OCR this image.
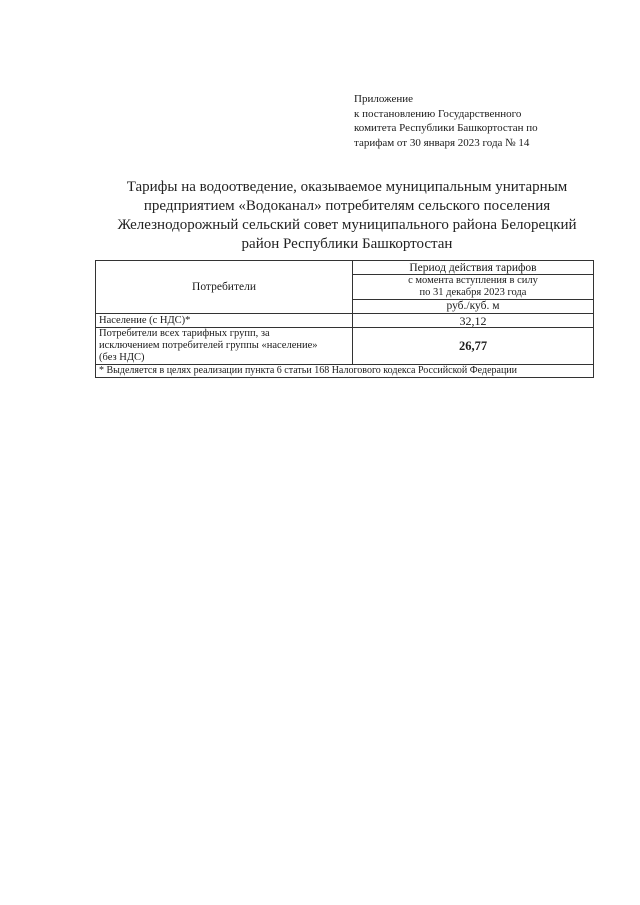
Приложение
к постановлению Государственного
комитета Республики Башкортостан по
тарифам от 30 января 2023 года № 14
Тарифы на водоотведение, оказываемое муниципальным унитарным
предприятием «Водоканал» потребителям сельского поселения
Железнодорожный сельский совет муниципального района Белорецкий
район Республики Башкортостан
Потребители	Период действия тарифов

	с момента вступления в силу
по 31 декабря 2023 года

	руб./куб. м
Население (с НДС)*	32,12

Потребители всех тарифных групп, за
исключением потребителей группы «население»
(без НДС)	26,77
* Выделяется в целях реализации пункта 6 статьи 168 Налогового кодекса Российской Федерации	
